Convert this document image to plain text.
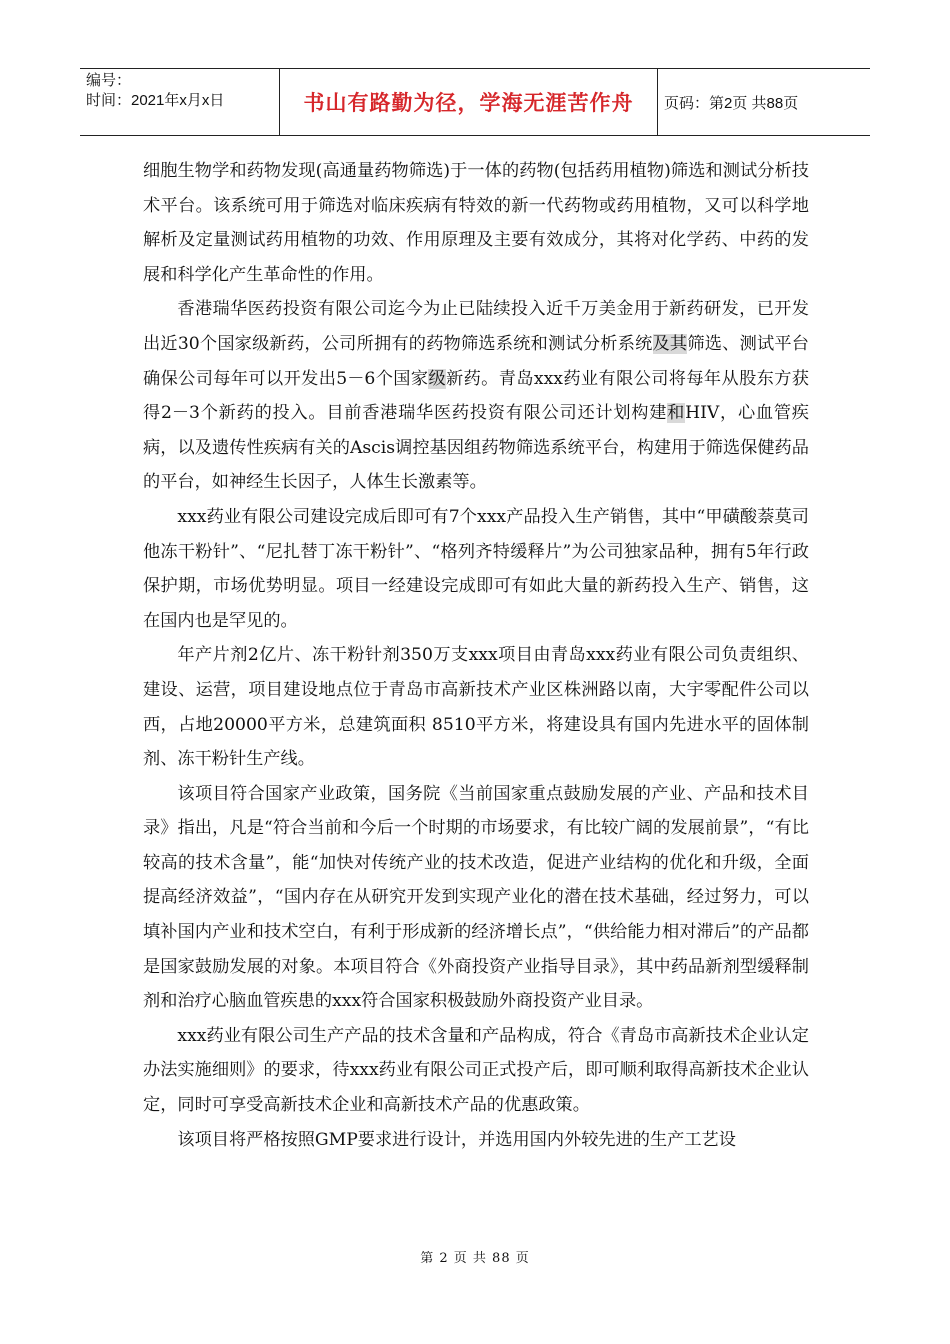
编号：
时间：2021年x月x日	书山有路勤为径，学海无涯苦作舟	页码：第2页 共88页

细胞生物学和药物发现(高通量药物筛选)于一体的药物(包括药用植物)筛选和测试分析技术平台。该系统可用于筛选对临床疾病有特效的新一代药物或药用植物，又可以科学地解析及定量测试药用植物的功效、作用原理及主要有效成分，其将对化学药、中药的发展和科学化产生革命性的作用。

香港瑞华医药投资有限公司迄今为止已陆续投入近千万美金用于新药研发，已开发出近30个国家级新药，公司所拥有的药物筛选系统和测试分析系统及其筛选、测试平台确保公司每年可以开发出5－6个国家级新药。青岛xxx药业有限公司将每年从股东方获得2－3个新药的投入。目前香港瑞华医药投资有限公司还计划构建和HIV，心血管疾病，以及遗传性疾病有关的Ascis调控基因组药物筛选系统平台，构建用于筛选保健药品的平台，如神经生长因子，人体生长激素等。

xxx药业有限公司建设完成后即可有7个xxx产品投入生产销售，其中“甲磺酸萘莫司他冻干粉针”、“尼扎替丁冻干粉针”、“格列齐特缓释片”为公司独家品种，拥有5年行政保护期，市场优势明显。项目一经建设完成即可有如此大量的新药投入生产、销售，这在国内也是罕见的。

年产片剂2亿片、冻干粉针剂350万支xxx项目由青岛xxx药业有限公司负责组织、建设、运营，项目建设地点位于青岛市高新技术产业区株洲路以南，大宇零配件公司以西，占地20000平方米，总建筑面积 8510平方米，将建设具有国内先进水平的固体制剂、冻干粉针生产线。

该项目符合国家产业政策，国务院《当前国家重点鼓励发展的产业、产品和技术目录》指出，凡是“符合当前和今后一个时期的市场要求，有比较广阔的发展前景”，“有比较高的技术含量”，能“加快对传统产业的技术改造，促进产业结构的优化和升级，全面提高经济效益”，“国内存在从研究开发到实现产业化的潜在技术基础，经过努力，可以填补国内产业和技术空白，有利于形成新的经济增长点”，“供给能力相对滞后”的产品都是国家鼓励发展的对象。本项目符合《外商投资产业指导目录》，其中药品新剂型缓释制剂和治疗心脑血管疾患的xxx符合国家积极鼓励外商投资产业目录。

xxx药业有限公司生产产品的技术含量和产品构成，符合《青岛市高新技术企业认定办法实施细则》的要求，待xxx药业有限公司正式投产后，即可顺利取得高新技术企业认定，同时可享受高新技术企业和高新技术产品的优惠政策。

该项目将严格按照GMP要求进行设计，并选用国内外较先进的生产工艺设

第 2 页 共 88 页
